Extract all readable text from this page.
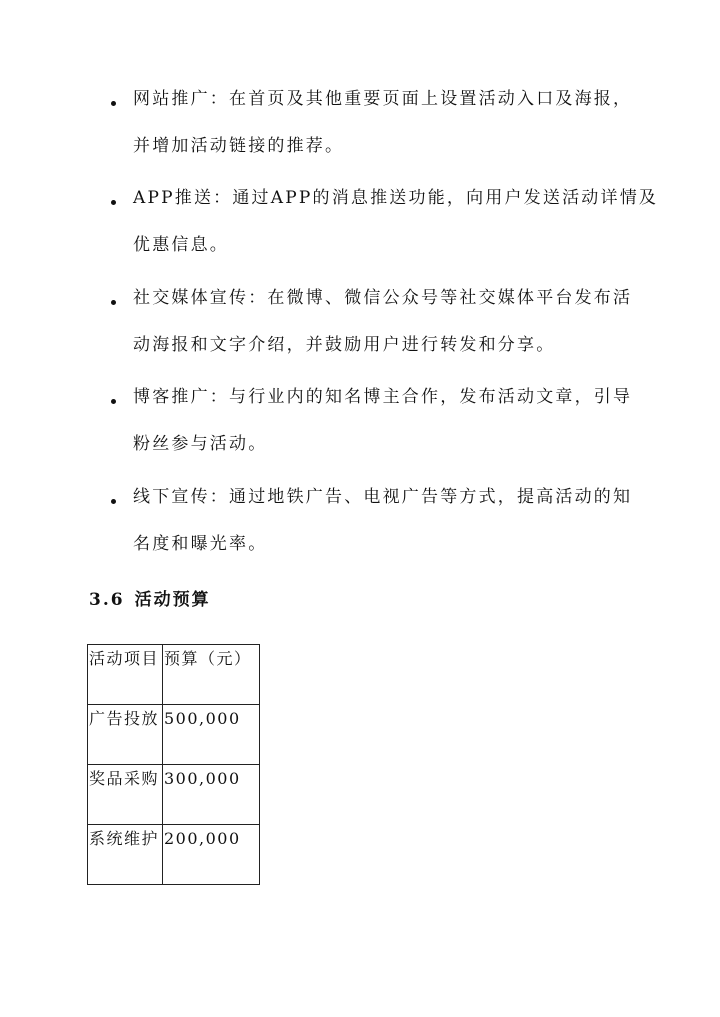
网站推广：在首页及其他重要页面上设置活动入口及海报，
并增加活动链接的推荐。
APP推送：通过APP的消息推送功能，向用户发送活动详情及
优惠信息。
社交媒体宣传：在微博、微信公众号等社交媒体平台发布活
动海报和文字介绍，并鼓励用户进行转发和分享。
博客推广：与行业内的知名博主合作，发布活动文章，引导
粉丝参与活动。
线下宣传：通过地铁广告、电视广告等方式，提高活动的知
名度和曝光率。
3.6 活动预算
活动项目	预算（元）
广告投放	500,000
奖品采购	300,000
系统维护	200,000
